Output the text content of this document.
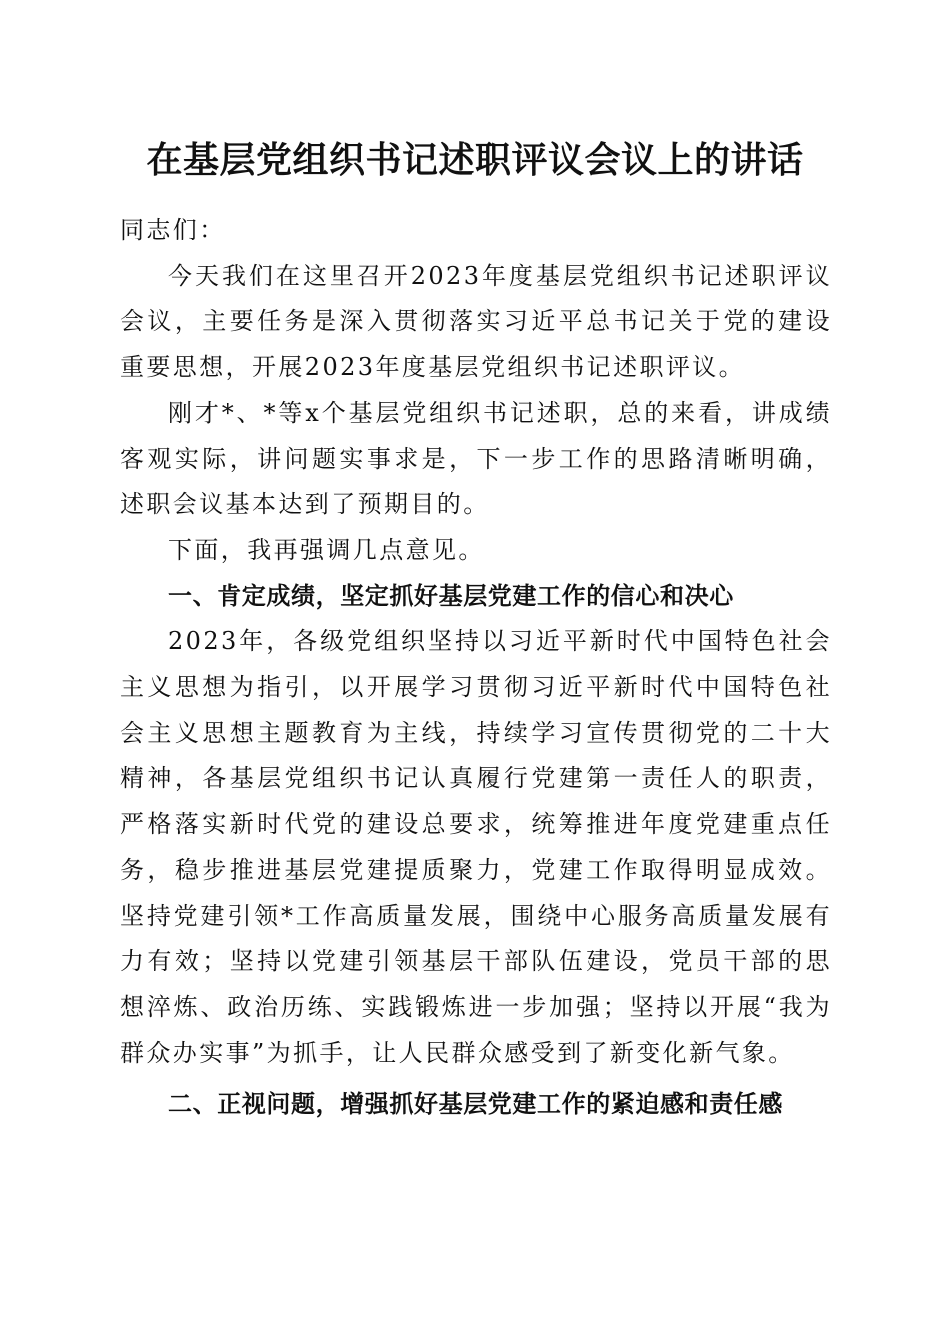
在基层党组织书记述职评议会议上的讲话

同志们：

今天我们在这里召开2023年度基层党组织书记述职评议会议，主要任务是深入贯彻落实习近平总书记关于党的建设重要思想，开展2023年度基层党组织书记述职评议。

刚才*、*等x个基层党组织书记述职，总的来看，讲成绩客观实际，讲问题实事求是，下一步工作的思路清晰明确，述职会议基本达到了预期目的。

下面，我再强调几点意见。

一、肯定成绩，坚定抓好基层党建工作的信心和决心

2023年，各级党组织坚持以习近平新时代中国特色社会主义思想为指引，以开展学习贯彻习近平新时代中国特色社会主义思想主题教育为主线，持续学习宣传贯彻党的二十大精神，各基层党组织书记认真履行党建第一责任人的职责，严格落实新时代党的建设总要求，统筹推进年度党建重点任务，稳步推进基层党建提质聚力，党建工作取得明显成效。坚持党建引领*工作高质量发展，围绕中心服务高质量发展有力有效；坚持以党建引领基层干部队伍建设，党员干部的思想淬炼、政治历练、实践锻炼进一步加强；坚持以开展“我为群众办实事”为抓手，让人民群众感受到了新变化新气象。

二、正视问题，增强抓好基层党建工作的紧迫感和责任感
